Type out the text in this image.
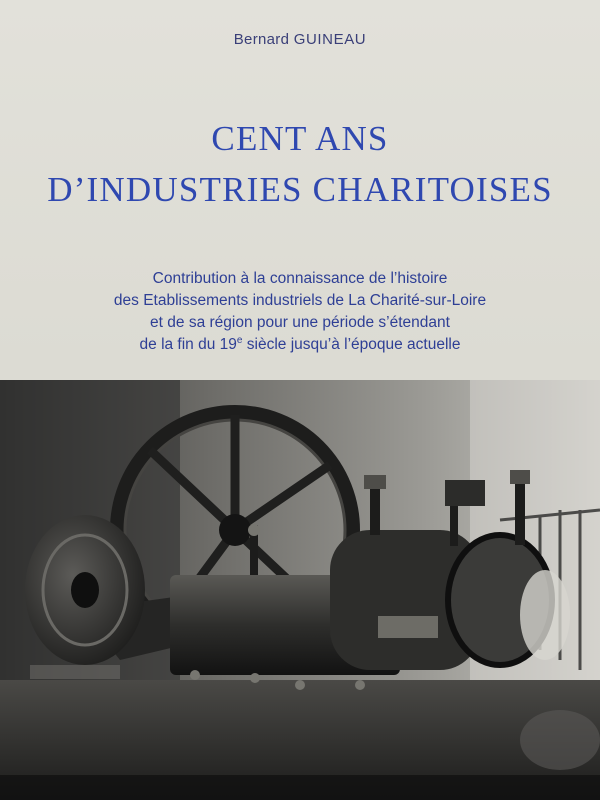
Bernard GUINEAU
CENT ANS
D’INDUSTRIES CHARITOISES
Contribution à la connaissance de l’histoire
des Etablissements industriels de La Charité-sur-Loire
et de sa région pour une période s’étendant
de la fin du 19e siècle jusqu’à l’époque actuelle
